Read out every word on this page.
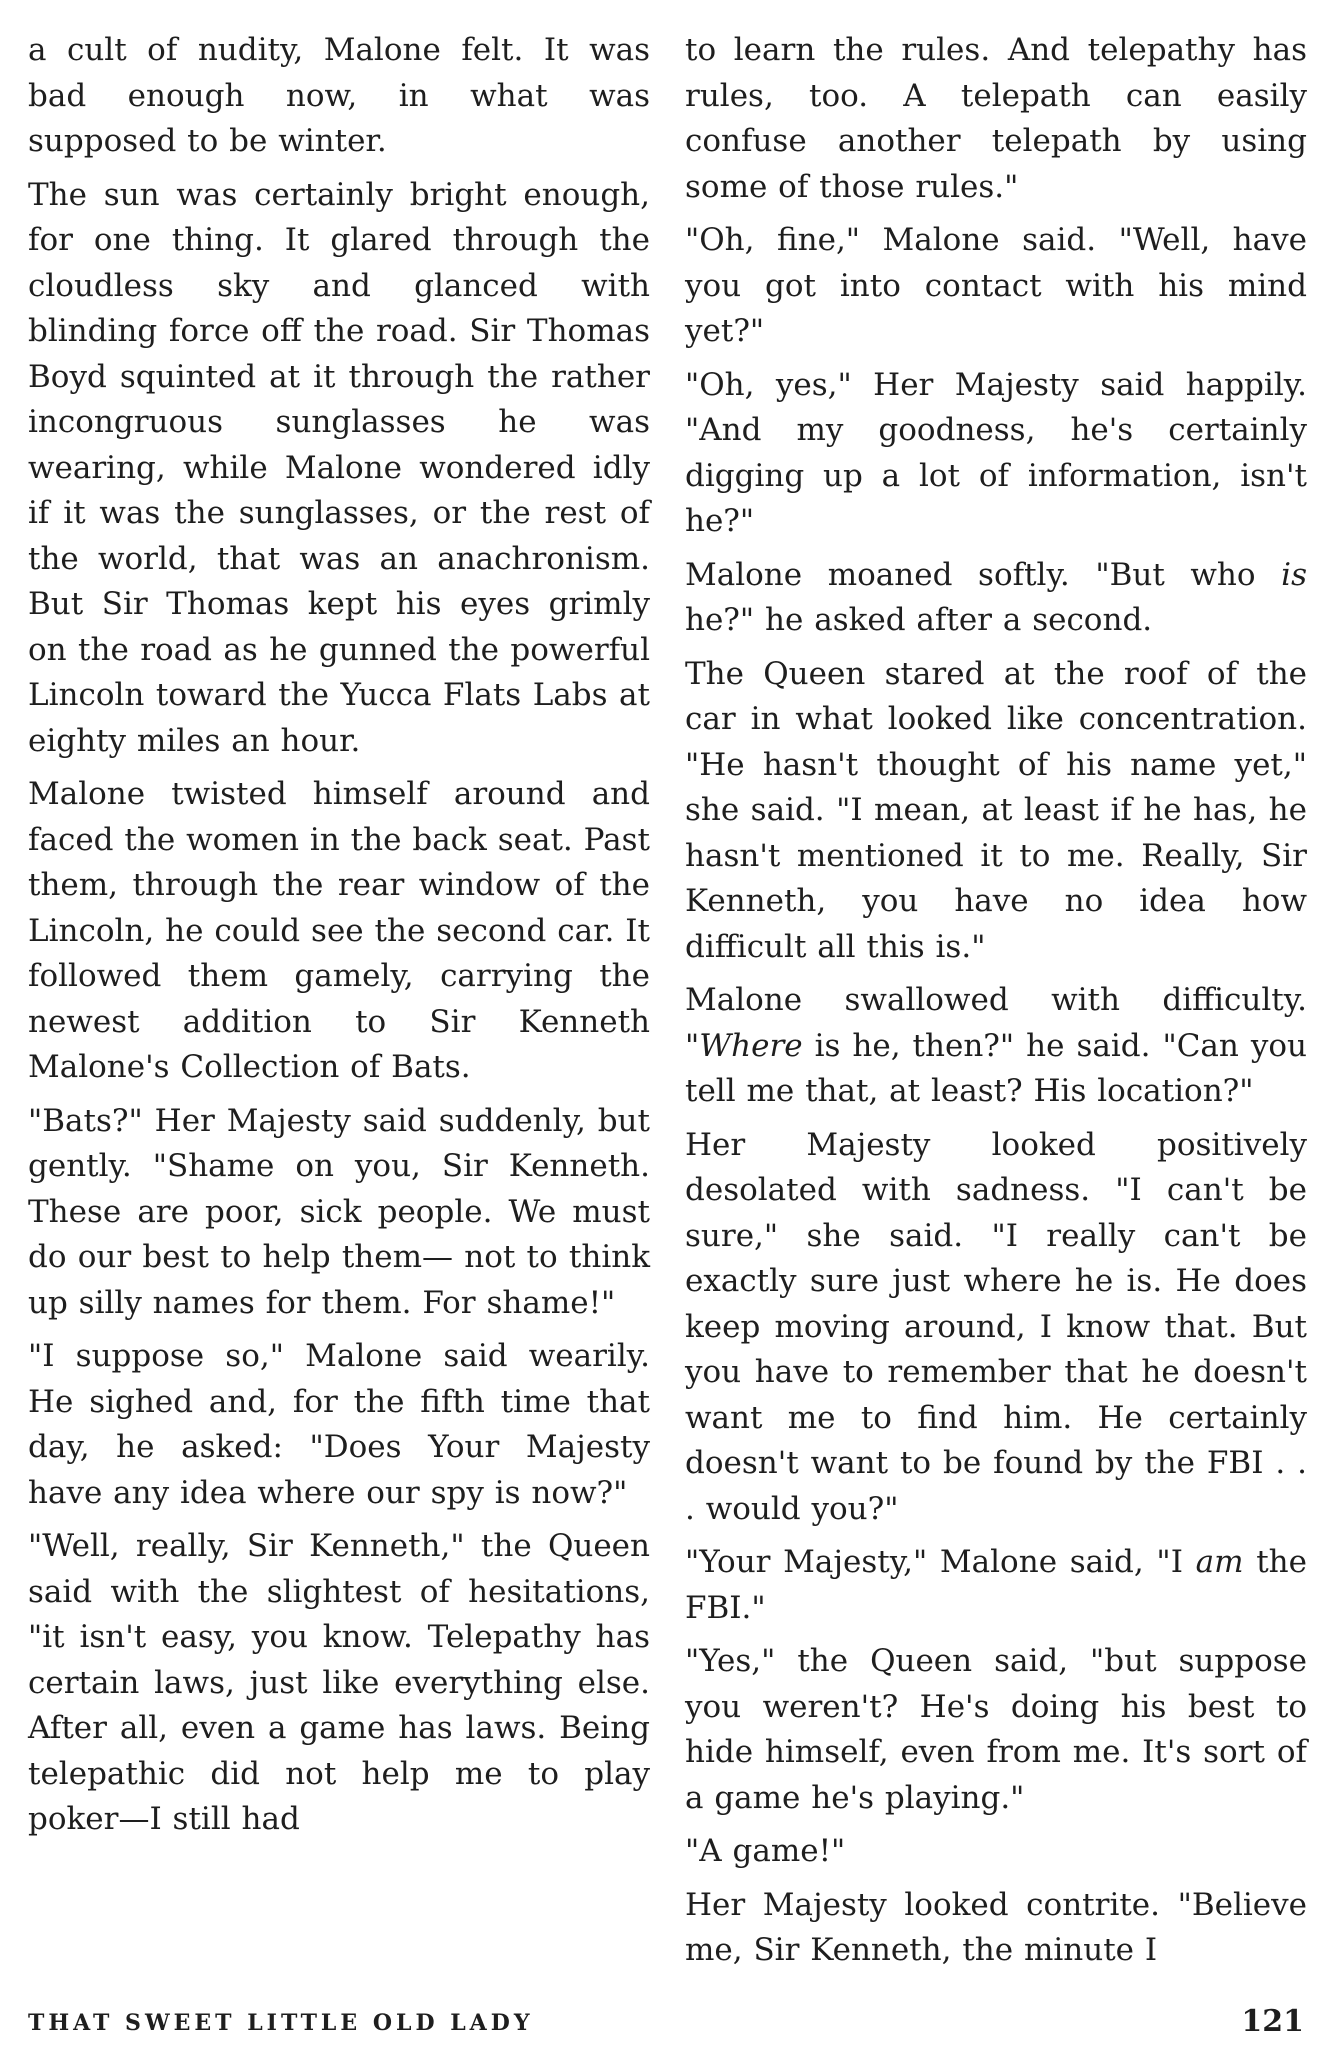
a cult of nudity, Malone felt. It was bad enough now, in what was supposed to be winter.

The sun was certainly bright enough, for one thing. It glared through the cloudless sky and glanced with blinding force off the road. Sir Thomas Boyd squinted at it through the rather incongruous sunglasses he was wearing, while Malone wondered idly if it was the sunglasses, or the rest of the world, that was an anachronism. But Sir Thomas kept his eyes grimly on the road as he gunned the powerful Lincoln toward the Yucca Flats Labs at eighty miles an hour.

Malone twisted himself around and faced the women in the back seat. Past them, through the rear window of the Lincoln, he could see the second car. It followed them gamely, carrying the newest addition to Sir Kenneth Malone's Collection of Bats.

"Bats?" Her Majesty said suddenly, but gently. "Shame on you, Sir Kenneth. These are poor, sick people. We must do our best to help them— not to think up silly names for them. For shame!"

"I suppose so," Malone said wearily. He sighed and, for the fifth time that day, he asked: "Does Your Majesty have any idea where our spy is now?"

"Well, really, Sir Kenneth," the Queen said with the slightest of hesitations, "it isn't easy, you know. Telepathy has certain laws, just like everything else. After all, even a game has laws. Being telepathic did not help me to play poker—I still had

to learn the rules. And telepathy has rules, too. A telepath can easily confuse another telepath by using some of those rules."

"Oh, fine," Malone said. "Well, have you got into contact with his mind yet?"

"Oh, yes," Her Majesty said happily. "And my goodness, he's certainly digging up a lot of information, isn't he?"

Malone moaned softly. "But who is he?" he asked after a second.

The Queen stared at the roof of the car in what looked like concentration. "He hasn't thought of his name yet," she said. "I mean, at least if he has, he hasn't mentioned it to me. Really, Sir Kenneth, you have no idea how difficult all this is."

Malone swallowed with difficulty. "Where is he, then?" he said. "Can you tell me that, at least? His location?"

Her Majesty looked positively desolated with sadness. "I can't be sure," she said. "I really can't be exactly sure just where he is. He does keep moving around, I know that. But you have to remember that he doesn't want me to find him. He certainly doesn't want to be found by the FBI . . . would you?"

"Your Majesty," Malone said, "I am the FBI."

"Yes," the Queen said, "but suppose you weren't? He's doing his best to hide himself, even from me. It's sort of a game he's playing."

"A game!"

Her Majesty looked contrite. "Believe me, Sir Kenneth, the minute I

THAT SWEET LITTLE OLD LADY	121
